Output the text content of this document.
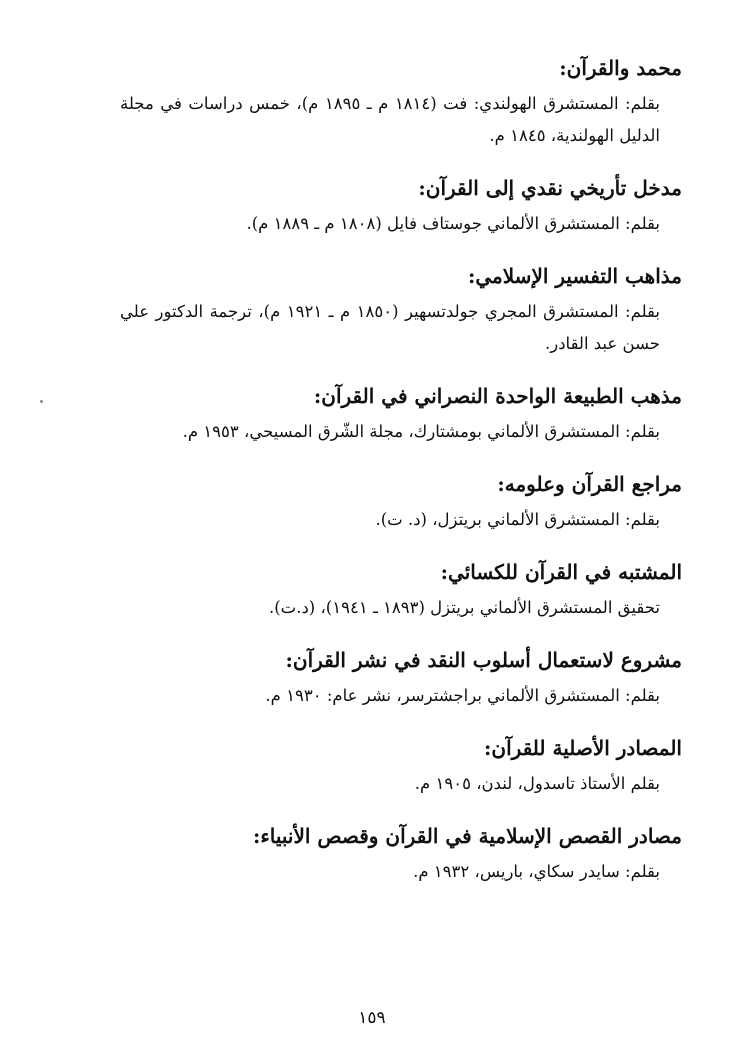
محمد والقرآن:

بقلم: المستشرق الهولندي: فت (١٨١٤ م ـ ١٨٩٥ م)، خمس دراسات في مجلة الدليل الهولندية، ١٨٤٥ م.

مدخل تأريخي نقدي إلى القرآن:

بقلم: المستشرق الألماني جوستاف فايل (١٨٠٨ م ـ ١٨٨٩ م).

مذاهب التفسير الإسلامي:

بقلم: المستشرق المجري جولدتسهير (١٨٥٠ م ـ ١٩٢١ م)، ترجمة الدكتور علي حسن عبد القادر.

مذهب الطبيعة الواحدة النصراني في القرآن:

بقلم: المستشرق الألماني بومشتارك، مجلة الشّرق المسيحي، ١٩٥٣ م.

مراجع القرآن وعلومه:

بقلم: المستشرق الألماني بريتزل، (د. ت).

المشتبه في القرآن للكسائي:

تحقيق المستشرق الألماني بريتزل (١٨٩٣ ـ ١٩٤١)، (د.ت).

مشروع لاستعمال أسلوب النقد في نشر القرآن:

بقلم: المستشرق الألماني براجشترسر، نشر عام: ١٩٣٠ م.

المصادر الأصلية للقرآن:

بقلم الأستاذ تاسدول، لندن، ١٩٠٥ م.

مصادر القصص الإسلامية في القرآن وقصص الأنبياء:

بقلم: سايدر سكاي، باريس، ١٩٣٢ م.

١٥٩
